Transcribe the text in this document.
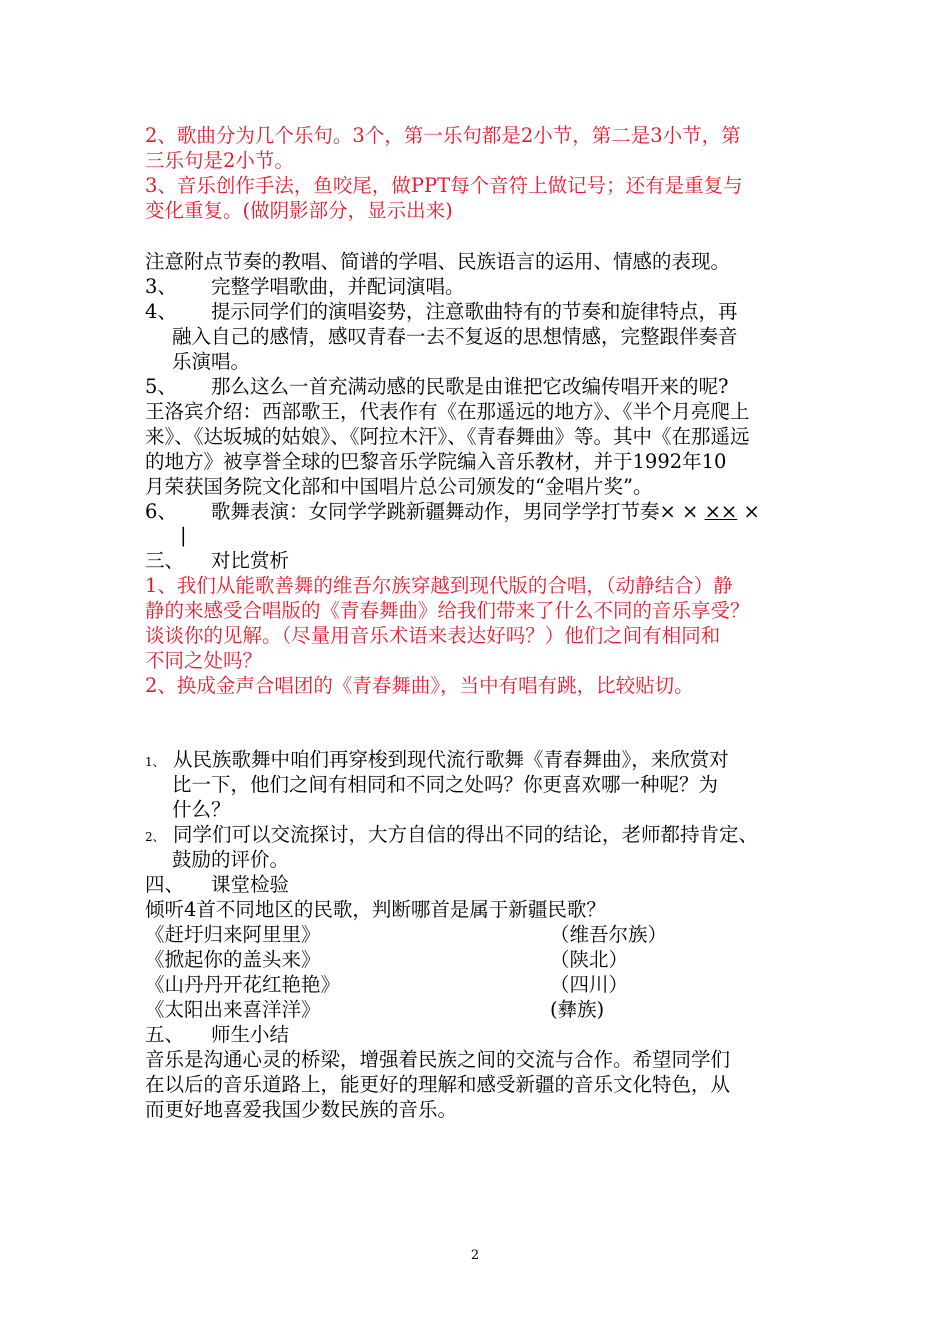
2、歌曲分为几个乐句。3个，第一乐句都是2小节，第二是3小节，第
三乐句是2小节。
3、音乐创作手法，鱼咬尾，做PPT每个音符上做记号；还有是重复与
变化重复。(做阴影部分，显示出来)
注意附点节奏的教唱、简谱的学唱、民族语言的运用、情感的表现。
3、 完整学唱歌曲，并配词演唱。
4、 提示同学们的演唱姿势，注意歌曲特有的节奏和旋律特点，再
融入自己的感情，感叹青春一去不复返的思想情感，完整跟伴奏音
乐演唱。
5、 那么这么一首充满动感的民歌是由谁把它改编传唱开来的呢?
王洛宾介绍：西部歌王，代表作有《在那遥远的地方》、《半个月亮爬上
来》、《达坂城的姑娘》、《阿拉木汗》、《青春舞曲》等。其中《在那遥远
的地方》被享誉全球的巴黎音乐学院编入音乐教材，并于1992年10
月荣获国务院文化部和中国唱片总公司颁发的“金唱片奖”。
6、 歌舞表演：女同学学跳新疆舞动作，男同学学打节奏× × ×× ×
|
三、 对比赏析
1、我们从能歌善舞的维吾尔族穿越到现代版的合唱，（动静结合）静
静的来感受合唱版的《青春舞曲》给我们带来了什么不同的音乐享受？
谈谈你的见解。（尽量用音乐术语来表达好吗？）他们之间有相同和
不同之处吗？
2、换成金声合唱团的《青春舞曲》，当中有唱有跳，比较贴切。
1、 从民族歌舞中咱们再穿梭到现代流行歌舞《青春舞曲》，来欣赏对
比一下，他们之间有相同和不同之处吗？你更喜欢哪一种呢？为
什么？
2、 同学们可以交流探讨，大方自信的得出不同的结论，老师都持肯定、
鼓励的评价。
四、 课堂检验
倾听4首不同地区的民歌，判断哪首是属于新疆民歌？
《赶圩归来阿里里》	（维吾尔族）
《掀起你的盖头来》	（陕北）
《山丹丹开花红艳艳》	（四川）
《太阳出来喜洋洋》	(彝族)
五、 师生小结
音乐是沟通心灵的桥梁，增强着民族之间的交流与合作。希望同学们
在以后的音乐道路上，能更好的理解和感受新疆的音乐文化特色，从
而更好地喜爱我国少数民族的音乐。
2
